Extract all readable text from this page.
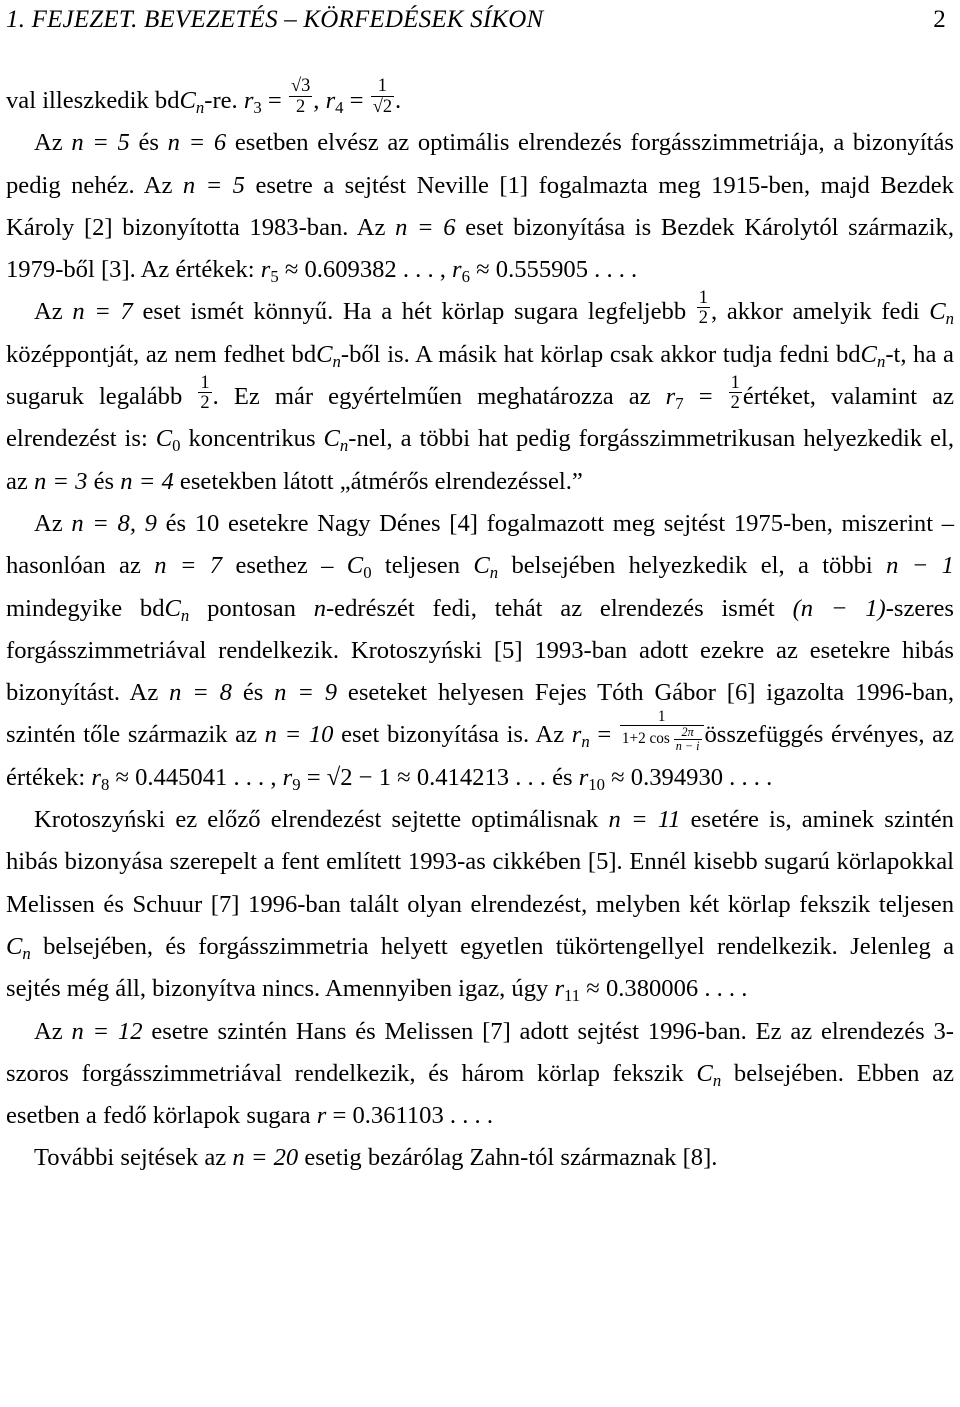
1. FEJEZET. BEVEZETÉS – KÖRFEDÉSEK SÍKON	2

val illeszkedik bdC$_n$-re. $r_3 = \frac{√3}{2}$ , $r_4 = \frac{1}{√2}$ .

Az n = 5 és n = 6 esetben elvész az optimális elrendezés forgásszimmetriája, a bizonyítás pedig nehéz. Az n = 5 esetre a sejtést Neville [1] fogalmazta meg 1915-ben, majd Bezdek Károly [2] bizonyította 1983-ban. Az n = 6 eset bizonyítása is Bezdek Károlytól származik, 1979-ből [3]. Az értékek: $r_5 \approx 0.609382$ . . . , $r_6 \approx 0.555905$ . . . .

Az n = 7 eset ismét könnyű. Ha a hét körlap sugara legfeljebb $\frac{1}{2}$ , akkor amelyik fedi $C_n$ középpontját, az nem fedhet bdC$_n$-ből is. A másik hat körlap csak akkor tudja fedni bdC$_n$-t, ha a sugaruk legalább $\frac{1}{2}$ . Ez már egyértelműen meghatározza az $r_7 = \frac{1}{2}$ értéket, valamint az elrendezést is: $C_0$ koncentrikus $C_n$-nel, a többi hat pedig forgásszimmetrikusan helyezkedik el, az n = 3 és n = 4 esetekben látott „átmérős elrendezéssel.”

Az n = 8, 9 és 10 esetekre Nagy Dénes [4] fogalmazott meg sejtést 1975-ben, miszerint – hasonlóan az n = 7 esethez – $C_0$ teljesen $C_n$ belsejében helyezkedik el, a többi n − 1 mindegyike bdC$_n$ pontosan n-edrészét fedi, tehát az elrendezés ismét (n − 1)-szeres forgásszimmetriával rendelkezik. Krotoszyński [5] 1993-ban adott ezekre az esetekre hibás bizonyítást. Az n = 8 és n = 9 eseteket helyesen Fejes Tóth Gábor [6] igazolta 1996-ban, szintén tőle származik az n = 10 eset bizonyítása is. Az $r_n = \frac{1}{1+2 \cos \frac{2\pi}{n - i}}$ összefüggés érvényes, az értékek: $r_8 \approx 0.445041$ . . . , $r_9 = √2 - 1 \approx 0.414213$ . . . és $r_{10} \approx 0.394930$ . . . .

Krotoszyński ez előző elrendezést sejtette optimálisnak n = 11 esetére is, aminek szintén hibás bizonyása szerepelt a fent említett 1993-as cikkében [5]. Ennél kisebb sugarú körlapokkal Melissen és Schuur [7] 1996-ban talált olyan elrendezést, melyben két körlap fekszik teljesen $C_n$ belsejében, és forgásszimmetria helyett egyetlen tükörtengellyel rendelkezik. Jelenleg a sejtés még áll, bizonyítva nincs. Amennyiben igaz, úgy $r_{11} \approx 0.380006$ . . . .

Az n = 12 esetre szintén Hans és Melissen [7] adott sejtést 1996-ban. Ez az elrendezés 3-szoros forgásszimmetriával rendelkezik, és három körlap fekszik $C_n$ belsejében. Ebben az esetben a fedő körlapok sugara r = 0.361103 . . . .

További sejtések az n = 20 esetig bezárólag Zahn-tól származnak [8].
